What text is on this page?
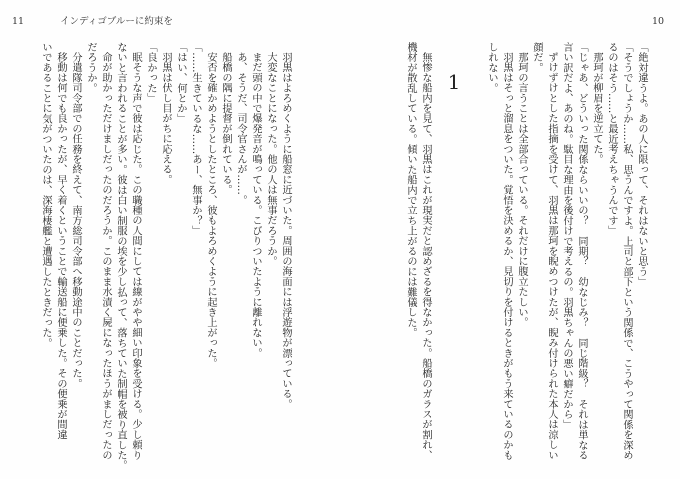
11	インディゴブルーに約束を	10
「絶対違うよ。あの人に限って、それはないと思う」
「そうでしょうか……私、思うんですよ。上司と部下という関係で、こうやって関係を深め
るのはそう……と最近考えちゃうんです」
那珂が柳眉を逆立てた。
「じゃあ、どういった関係ならいいの？　同期？　幼なじみ？　同じ階級？　それは単なる
言い訳だよ、あのね。駄目な理由を後付けで考えるの。羽黒ちゃんの悪い癖だから」
ずけずけとした指摘を受けて、羽黒は那珂を睨めつけたが、睨み付けられた本人は涼しい
顔だ。
那珂の言うことは全部合っている。それだけに腹立たしい。
羽黒はそっと溜息をついた。覚悟を決めるか、見切りを付けるときがもう来ているのかも
しれない。
1
無惨な船内を見て、羽黒はこれが現実だと認めざるを得なかった。船橋のガラスが割れ、
機材が散乱している。傾いた船内で立ち上がるのには難儀した。
羽黒はよろめくように船窓に近づいた。周囲の海面には浮遊物が漂っている。
大変なことになった。他の人は無事だろうか。
まだ頭の中で爆発音が鳴っている。こびりついたように離れない。
あ、そうだ、司令官さんが……。
船橋の隅に提督が倒れている。
安否を確かめようとしたところ、彼もよろめくように起き上がった。
「……生きているな……あー、無事か？」
「はい、何とか」
羽黒は伏し目がちに応える。
「良かった」
眠そうな声で彼は応じた。この職種の人間にしては線がやや細い印象を受ける。少し頼り
ないと言われることが多い。彼は白い制服の埃を少し払って、落ちていた制帽を被り直した。
命が助かっただけましだったのだろうか。このまま水漬く屍になったほうがましだったの
だろうか。
分遣隊司令部での任務を終えて、南方総司令部へ移動途中のことだった。
移動は何でも良かったが、早く着くということで輸送船に便乗した。その便乗が間違
いであることに気がついたのは、深海棲艦と遭遇したときだった。
